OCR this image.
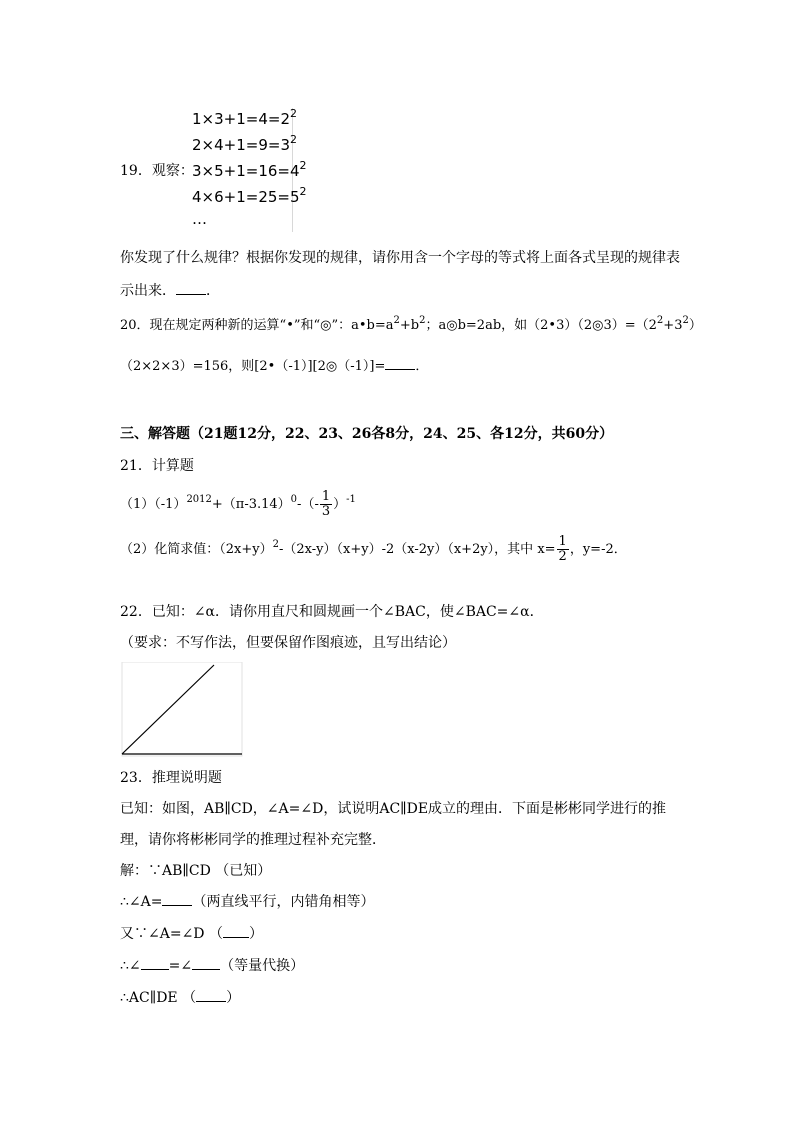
$1\times 3+1=4=2^2$
$2\times 4+1=9=3^2$
$3\times 5+1=16=4^2$
$4\times 6+1=25=5^2$
…
19．观察：
你发现了什么规律？根据你发现的规律，请你用含一个字母的等式将上面各式呈现的规律表
示出来． ．
20．现在规定两种新的运算“•”和“◎”：$a•b=a^2+b^2$；a◎b=2ab，如$(2•3)(2◎3)=(2^2+3^2)$
（2×2×3）=156，则[2•（-1）][2◎（-1）]= ．
三、解答题（21题12分，22、23、26各8分，24、25、各12分，共60分）
21．计算题
$(1)(-1)^{2012}+(\pi-3.14)^0-(- \frac{1}{3} )^{-1}$
（2）化简求值：$(2x+y)^2-(2x-y)(x+y)-2(x-2y)(x+2y)$，其中 $x= \frac{1}{2}$ ，y=-2．
22．已知：∠α．请你用直尺和圆规画一个∠BAC，使∠BAC=∠α．
（要求：不写作法，但要保留作图痕迹，且写出结论）
23．推理说明题
已知：如图，AB∥CD，∠A=∠D，试说明AC∥DE成立的理由．下面是彬彬同学进行的推
理，请你将彬彬同学的推理过程补充完整．
解：∵AB∥CD （已知）
∴∠A= （两直线平行，内错角相等）
又∵∠A=∠D （ ）
∴∠ =∠ （等量代换）
∴AC∥DE （ ）
